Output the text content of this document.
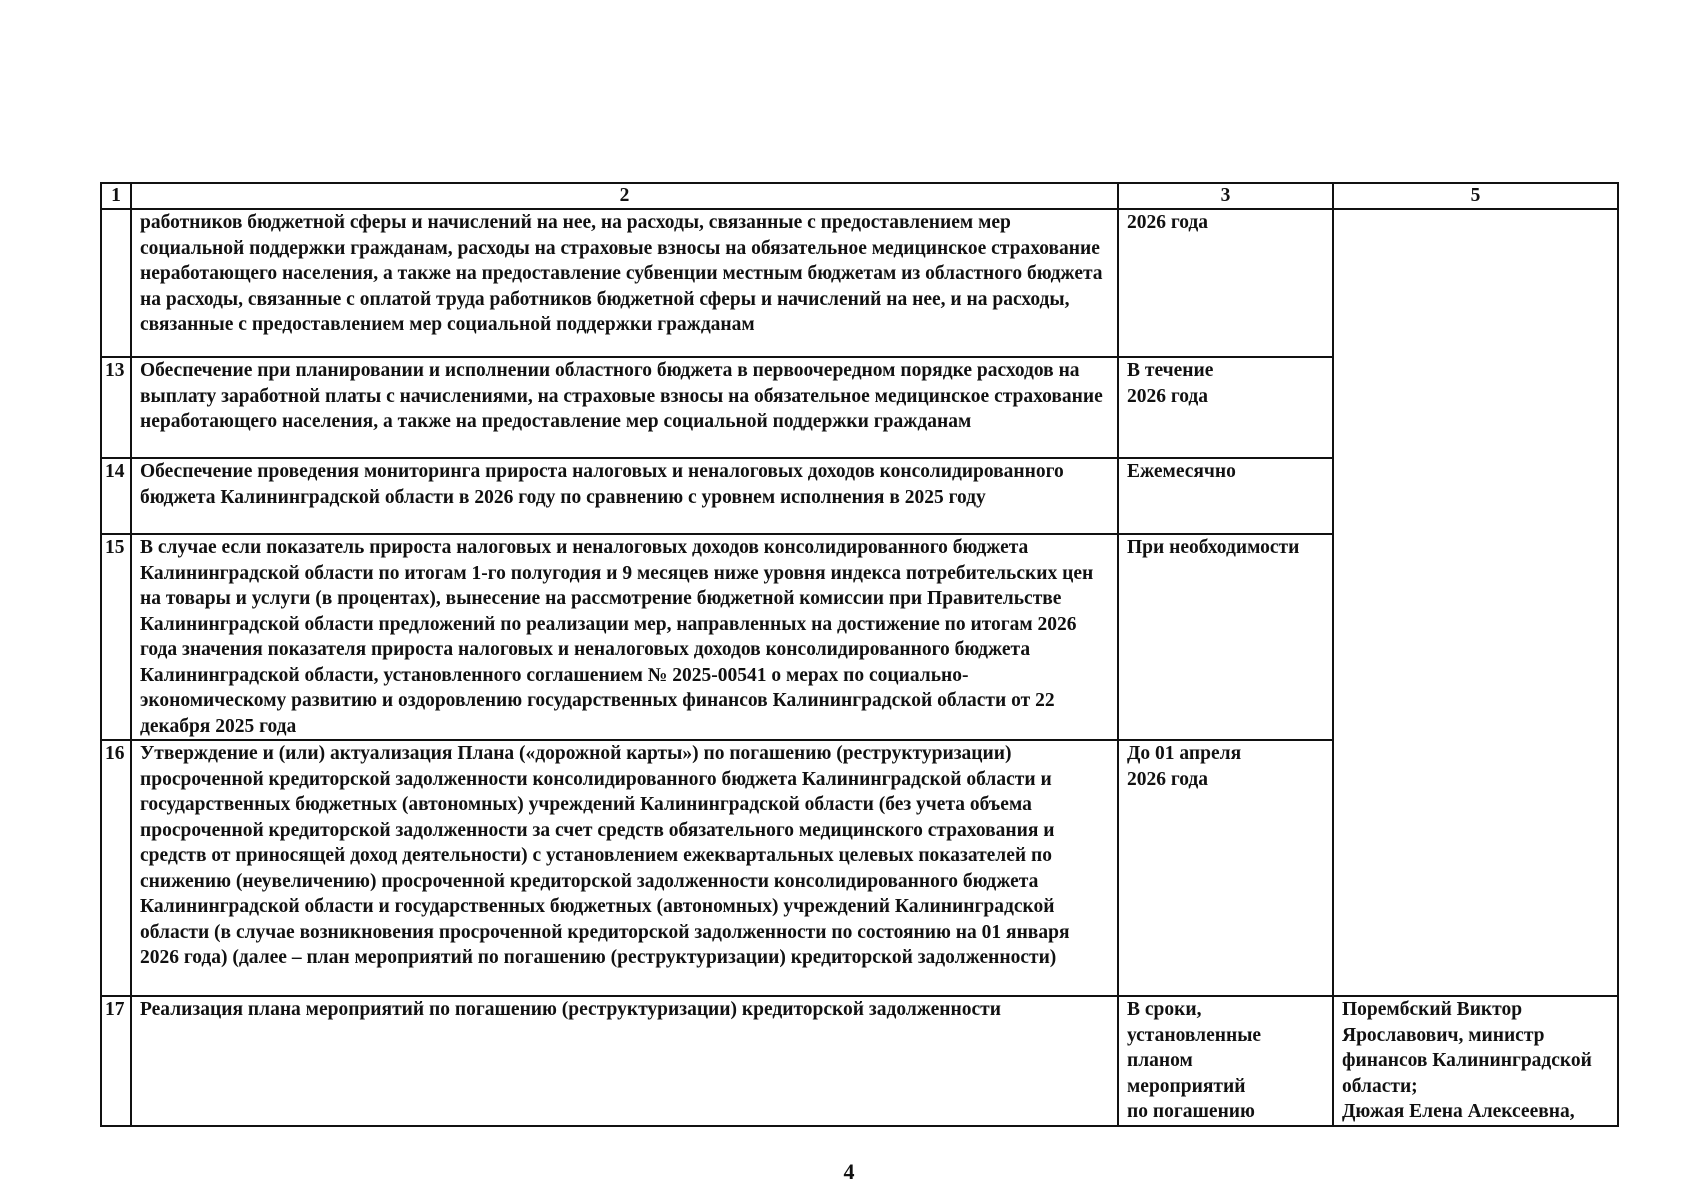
1	2	3	5
	работников бюджетной сферы и начислений на нее, на расходы, связанные с предоставлением мер социальной поддержки гражданам, расходы на страховые взносы на обязательное медицинское страхование неработающего населения, а также на предоставление субвенции местным бюджетам из областного бюджета на расходы, связанные с оплатой труда работников бюджетной сферы и начислений на нее, и на расходы, связанные с предоставлением мер социальной поддержки гражданам	2026 года	
13	Обеспечение при планировании и исполнении областного бюджета в первоочередном порядке расходов на выплату заработной платы с начислениями, на страховые взносы на обязательное медицинское страхование неработающего населения, а также на предоставление мер социальной поддержки гражданам	В течение
2026 года	
14	Обеспечение проведения мониторинга прироста налоговых и неналоговых доходов консолидированного бюджета Калининградской области в 2026 году по сравнению с уровнем исполнения в 2025 году	Ежемесячно	
15	В случае если показатель прироста налоговых и неналоговых доходов консолидированного бюджета Калининградской области по итогам 1-го полугодия и 9 месяцев ниже уровня индекса потребительских цен на товары и услуги (в процентах), вынесение на рассмотрение бюджетной комиссии при Правительстве Калининградской области предложений по реализации мер, направленных на достижение по итогам 2026 года значения показателя прироста налоговых и неналоговых доходов консолидированного бюджета Калининградской области, установленного соглашением № 2025-00541 о мерах по социально-экономическому развитию и оздоровлению государственных финансов Калининградской области от 22 декабря 2025 года	При необходимости	
16	Утверждение и (или) актуализация Плана («дорожной карты») по погашению (реструктуризации) просроченной кредиторской задолженности консолидированного бюджета Калининградской области и государственных бюджетных (автономных) учреждений Калининградской области (без учета объема просроченной кредиторской задолженности за счет средств обязательного медицинского страхования и средств от приносящей доход деятельности) с установлением ежеквартальных целевых показателей по снижению (неувеличению) просроченной кредиторской задолженности консолидированного бюджета Калининградской области и государственных бюджетных (автономных) учреждений Калининградской области (в случае возникновения просроченной кредиторской задолженности по состоянию на 01 января 2026 года) (далее – план мероприятий по погашению (реструктуризации) кредиторской задолженности)	До 01 апреля
2026 года	
17	Реализация плана мероприятий по погашению (реструктуризации) кредиторской задолженности	В сроки,
установленные
планом
мероприятий
по погашению	Порембский Виктор Ярославович, министр финансов Калининградской области;
Дюжая Елена Алексеевна,
4
